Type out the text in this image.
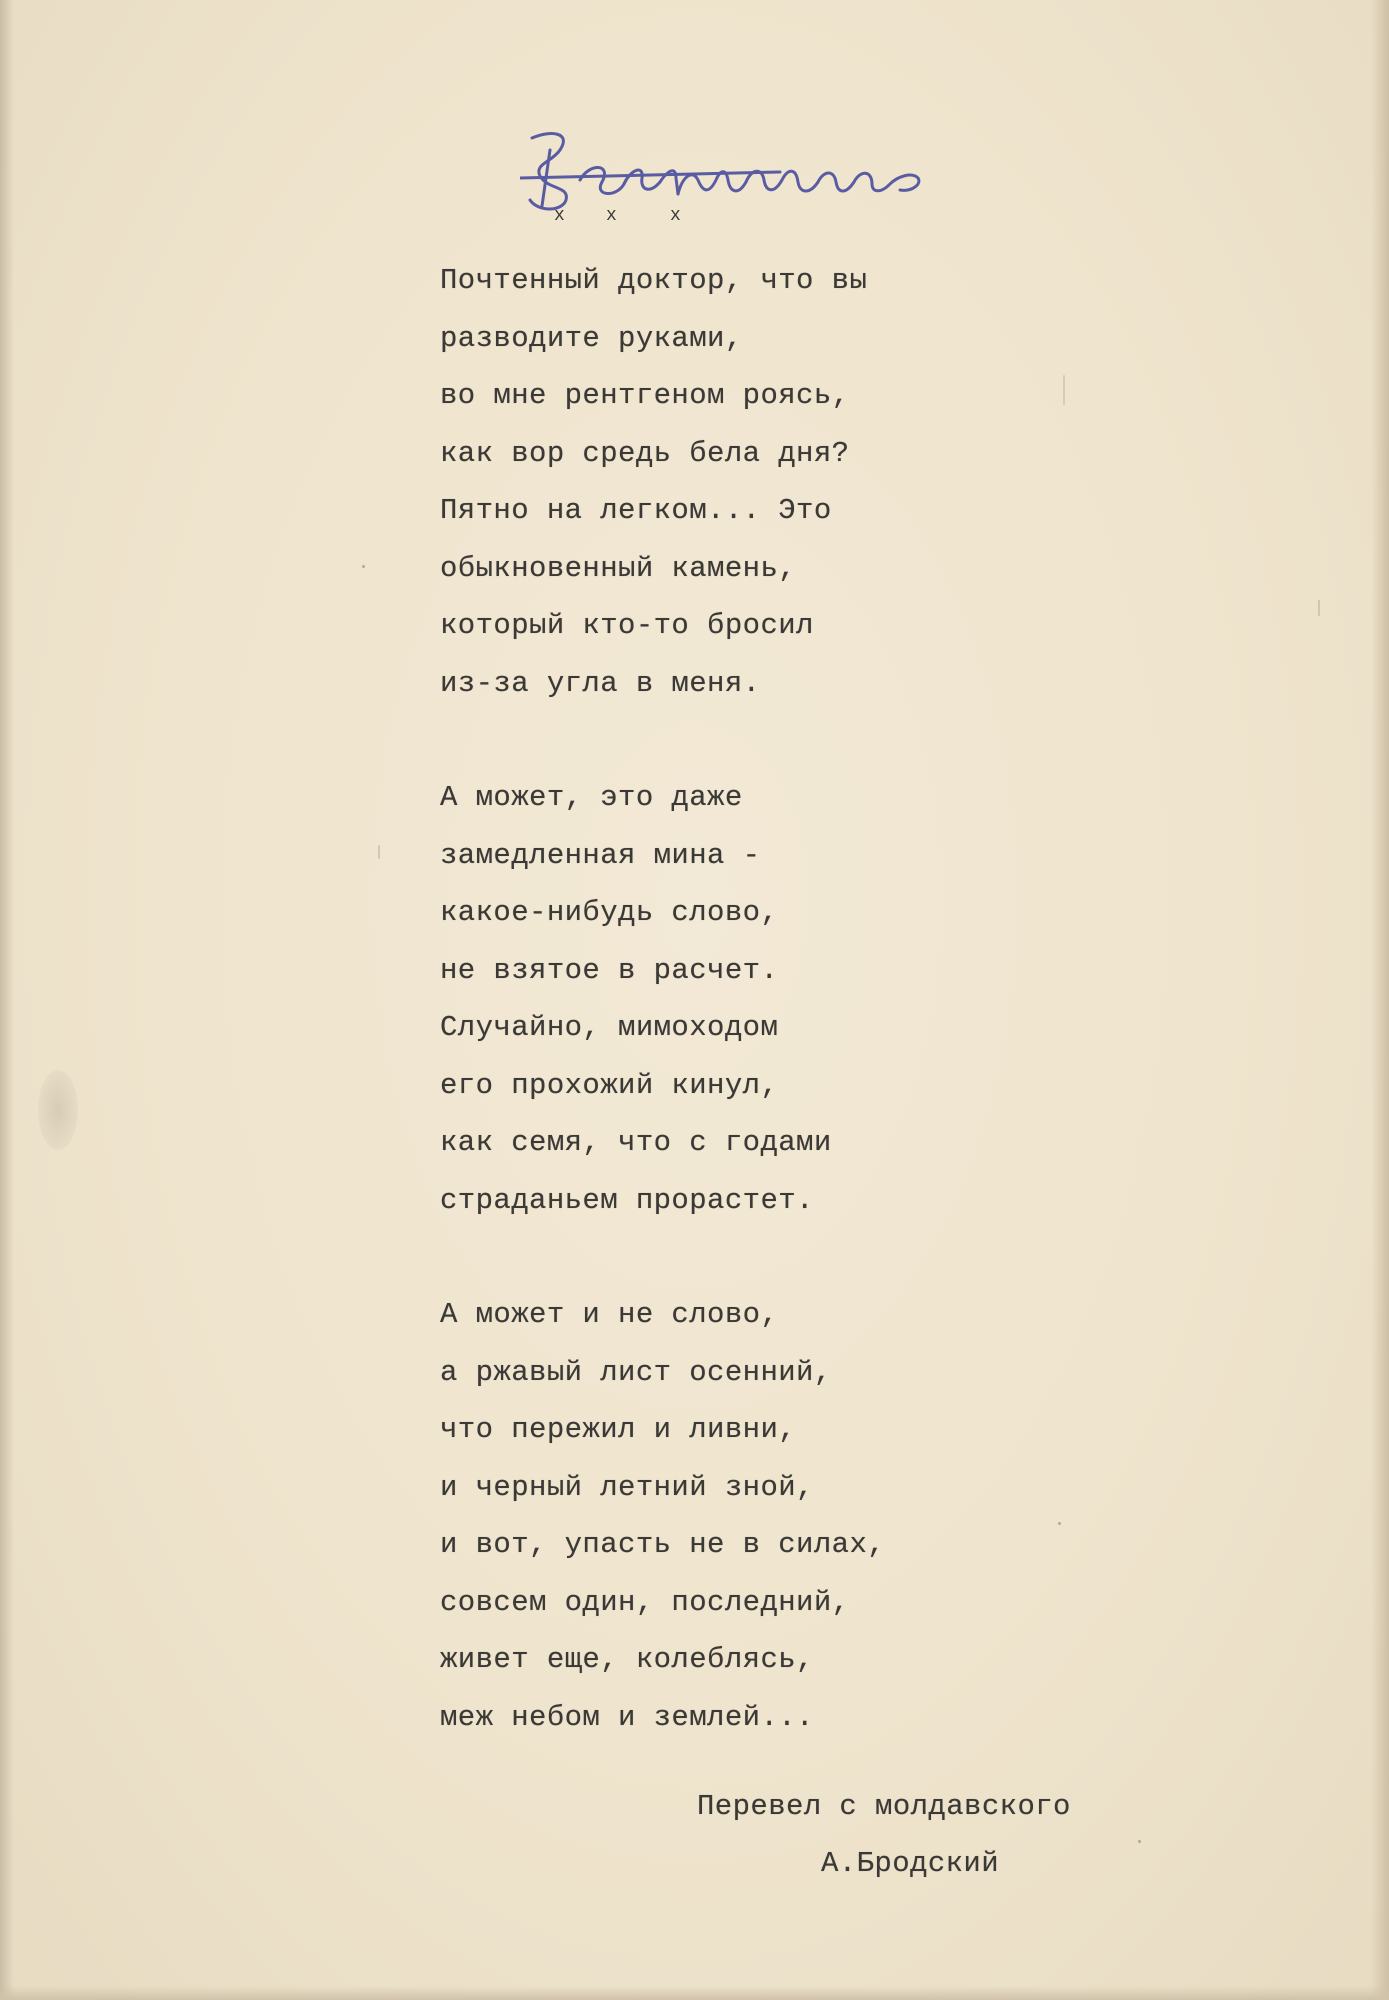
x x	x
Почтенный доктор, что вы
разводите руками,
во мне рентгеном роясь,
как вор средь бела дня?
Пятно на легком... Это
обыкновенный камень,
который кто-то бросил
из-за угла в меня.
А может, это даже
замедленная мина -
какое-нибудь слово,
не взятое в расчет.
Случайно, мимоходом
его прохожий кинул,
как семя, что с годами
страданьем прорастет.
А может и не слово,
а ржавый лист осенний,
что пережил и ливни,
и черный летний зной,
и вот, упасть не в силах,
совсем один, последний,
живет еще, колеблясь,
меж небом и землей...
Перевел с молдавского
А.Бродский
